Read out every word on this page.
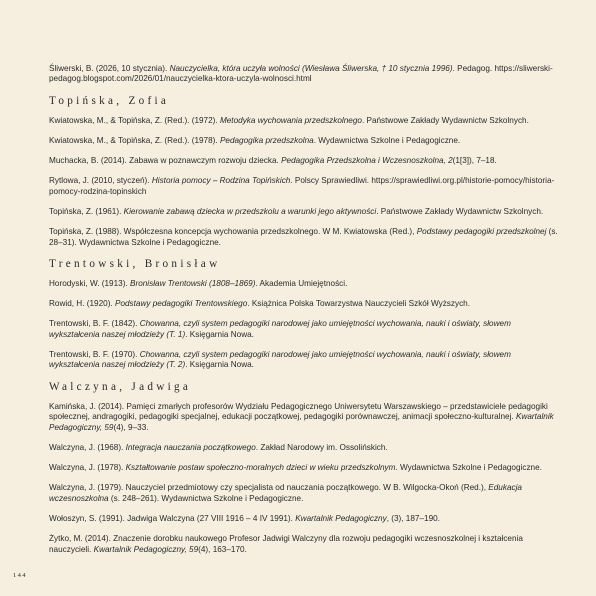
Śliwerski, B. (2026, 10 stycznia). Nauczycielka, która uczyła wolności (Wiesława Śliwerska, † 10 stycznia 1996). Pedagog. https://sliwerski-pedagog.blogspot.com/2026/01/nauczycielka-ktora-uczyla-wolnosci.html
Topińska, Zofia
Kwiatowska, M., & Topińska, Z. (Red.). (1972). Metodyka wychowania przedszkolnego. Państwowe Zakłady Wydawnictw Szkolnych.
Kwiatowska, M., & Topińska, Z. (Red.). (1978). Pedagogika przedszkolna. Wydawnictwa Szkolne i Pedagogiczne.
Muchacka, B. (2014). Zabawa w poznawczym rozwoju dziecka. Pedagogika Przedszkolna i Wczesnoszkolna, 2(1[3]), 7–18.
Rytlowa, J. (2010, styczeń). Historia pomocy – Rodzina Topińskich. Polscy Sprawiedliwi. https://sprawiedliwi.org.pl/historie-pomocy/historia-pomocy-rodzina-topinskich
Topińska, Z. (1961). Kierowanie zabawą dziecka w przedszkolu a warunki jego aktywności. Państwowe Zakłady Wydawnictw Szkolnych.
Topińska, Z. (1988). Współczesna koncepcja wychowania przedszkolnego. W M. Kwiatowska (Red.), Podstawy pedagogiki przedszkolnej (s. 28–31). Wydawnictwa Szkolne i Pedagogiczne.
Trentowski, Bronisław
Horodyski, W. (1913). Bronisław Trentowski (1808–1869). Akademia Umiejętności.
Rowid, H. (1920). Podstawy pedagogiki Trentowskiego. Książnica Polska Towarzystwa Nauczycieli Szkół Wyższych.
Trentowski, B. F. (1842). Chowanna, czyli system pedagogiki narodowej jako umiejętności wychowania, nauki i oświaty, słowem wykształcenia naszej młodzieży (T. 1). Księgarnia Nowa.
Trentowski, B. F. (1970). Chowanna, czyli system pedagogiki narodowej jako umiejętności wychowania, nauki i oświaty, słowem wykształcenia naszej młodzieży (T. 2). Księgarnia Nowa.
Walczyna, Jadwiga
Kamińska, J. (2014). Pamięci zmarłych profesorów Wydziału Pedagogicznego Uniwersytetu Warszawskiego – przedstawiciele pedagogiki społecznej, andragogiki, pedagogiki specjalnej, edukacji początkowej, pedagogiki porównawczej, animacji społeczno-kulturalnej. Kwartalnik Pedagogiczny, 59(4), 9–33.
Walczyna, J. (1968). Integracja nauczania początkowego. Zakład Narodowy im. Ossolińskich.
Walczyna, J. (1978). Kształtowanie postaw społeczno-moralnych dzieci w wieku przedszkolnym. Wydawnictwa Szkolne i Pedagogiczne.
Walczyna, J. (1979). Nauczyciel przedmiotowy czy specjalista od nauczania początkowego. W B. Wilgocka-Okoń (Red.), Edukacja wczesnoszkolna (s. 248–261). Wydawnictwa Szkolne i Pedagogiczne.
Wołoszyn, S. (1991). Jadwiga Walczyna (27 VIII 1916 – 4 IV 1991). Kwartalnik Pedagogiczny, (3), 187–190.
Żytko, M. (2014). Znaczenie dorobku naukowego Profesor Jadwigi Walczyny dla rozwoju pedagogiki wczesnoszkolnej i kształcenia nauczycieli. Kwartalnik Pedagogiczny, 59(4), 163–170.
144
